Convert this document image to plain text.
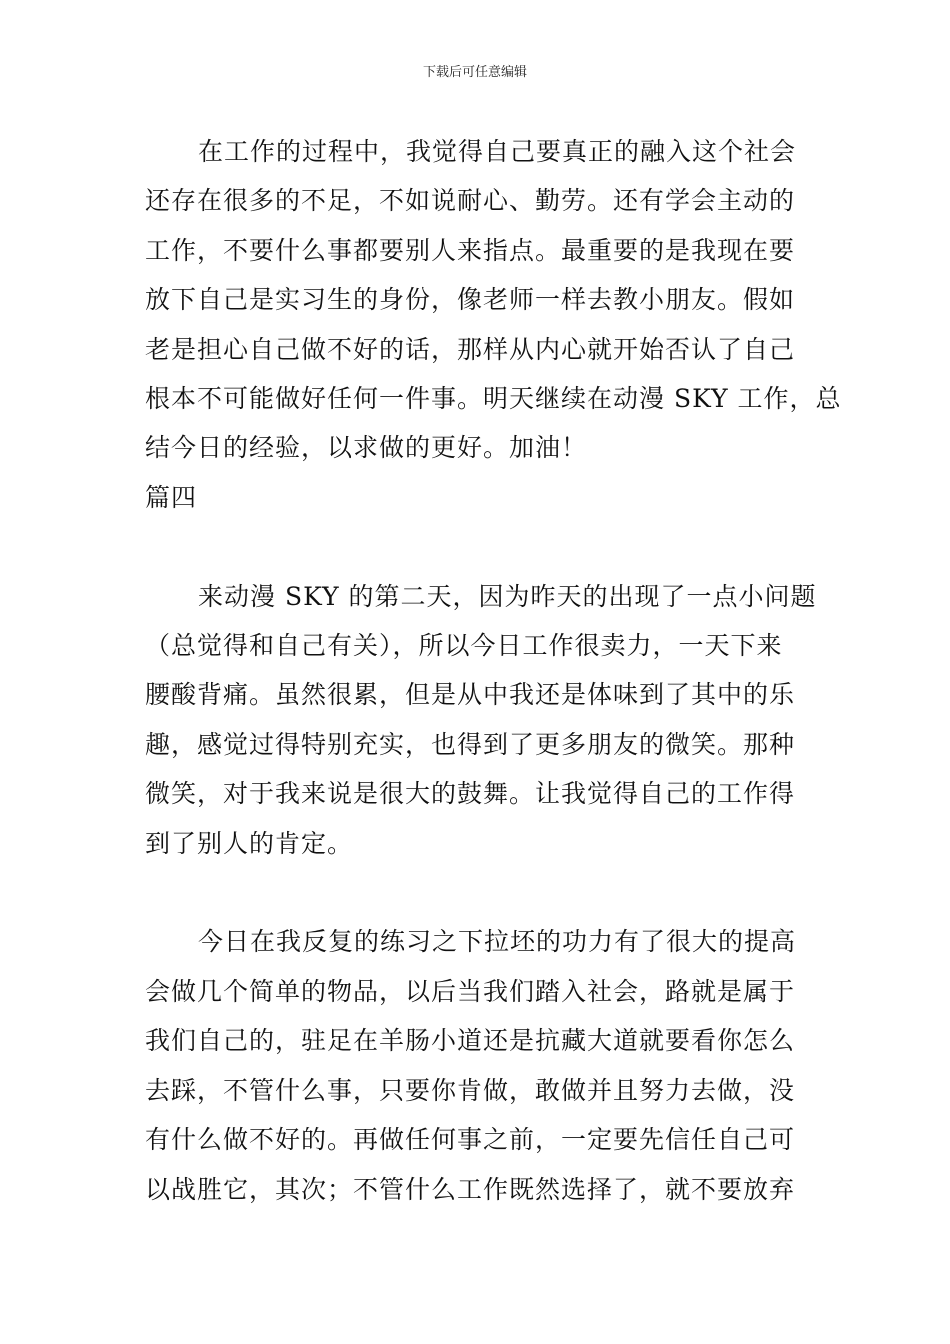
下载后可任意编辑

在工作的过程中，我觉得自己要真正的融入这个社会
还存在很多的不足，不如说耐心、勤劳。还有学会主动的
工作，不要什么事都要别人来指点。最重要的是我现在要
放下自己是实习生的身份，像老师一样去教小朋友。假如
老是担心自己做不好的话，那样从内心就开始否认了自己
根本不可能做好任何一件事。明天继续在动漫 SKY 工作，总
结今日的经验，以求做的更好。加油！

篇四

来动漫 SKY 的第二天，因为昨天的出现了一点小问题
（总觉得和自己有关），所以今日工作很卖力，一天下来
腰酸背痛。虽然很累，但是从中我还是体味到了其中的乐
趣，感觉过得特别充实，也得到了更多朋友的微笑。那种
微笑，对于我来说是很大的鼓舞。让我觉得自己的工作得
到了别人的肯定。

今日在我反复的练习之下拉坯的功力有了很大的提高
会做几个简单的物品，以后当我们踏入社会，路就是属于
我们自己的，驻足在羊肠小道还是抗藏大道就要看你怎么
去踩，不管什么事，只要你肯做，敢做并且努力去做，没
有什么做不好的。再做任何事之前，一定要先信任自己可
以战胜它，其次；不管什么工作既然选择了，就不要放弃
